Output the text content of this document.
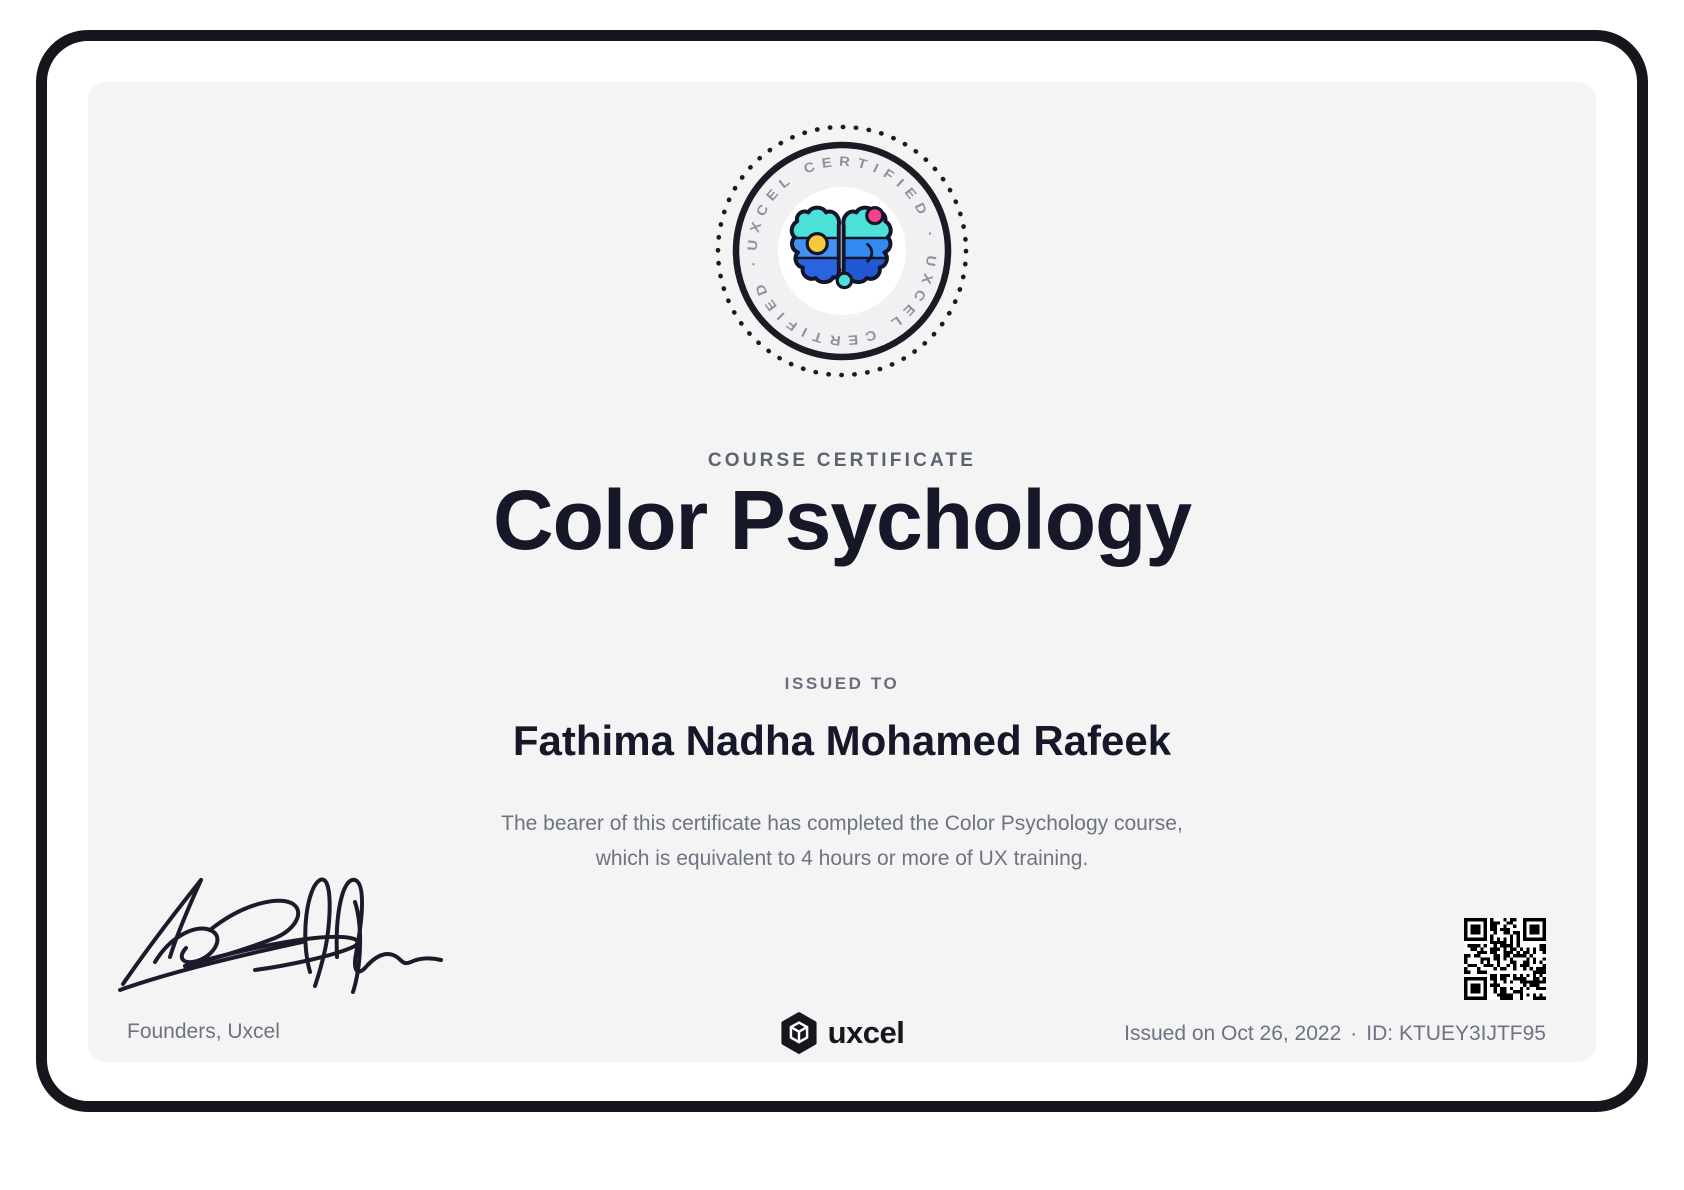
UXCEL CERTIFIED · UXCEL CERTIFIED ·
COURSE CERTIFICATE
Color Psychology
ISSUED TO
Fathima Nadha Mohamed Rafeek
The bearer of this certificate has completed the Color Psychology course,
which is equivalent to 4 hours or more of UX training.
Founders, Uxcel	uxcel	Issued on Oct 26, 2022 · ID: KTUEY3IJTF95
